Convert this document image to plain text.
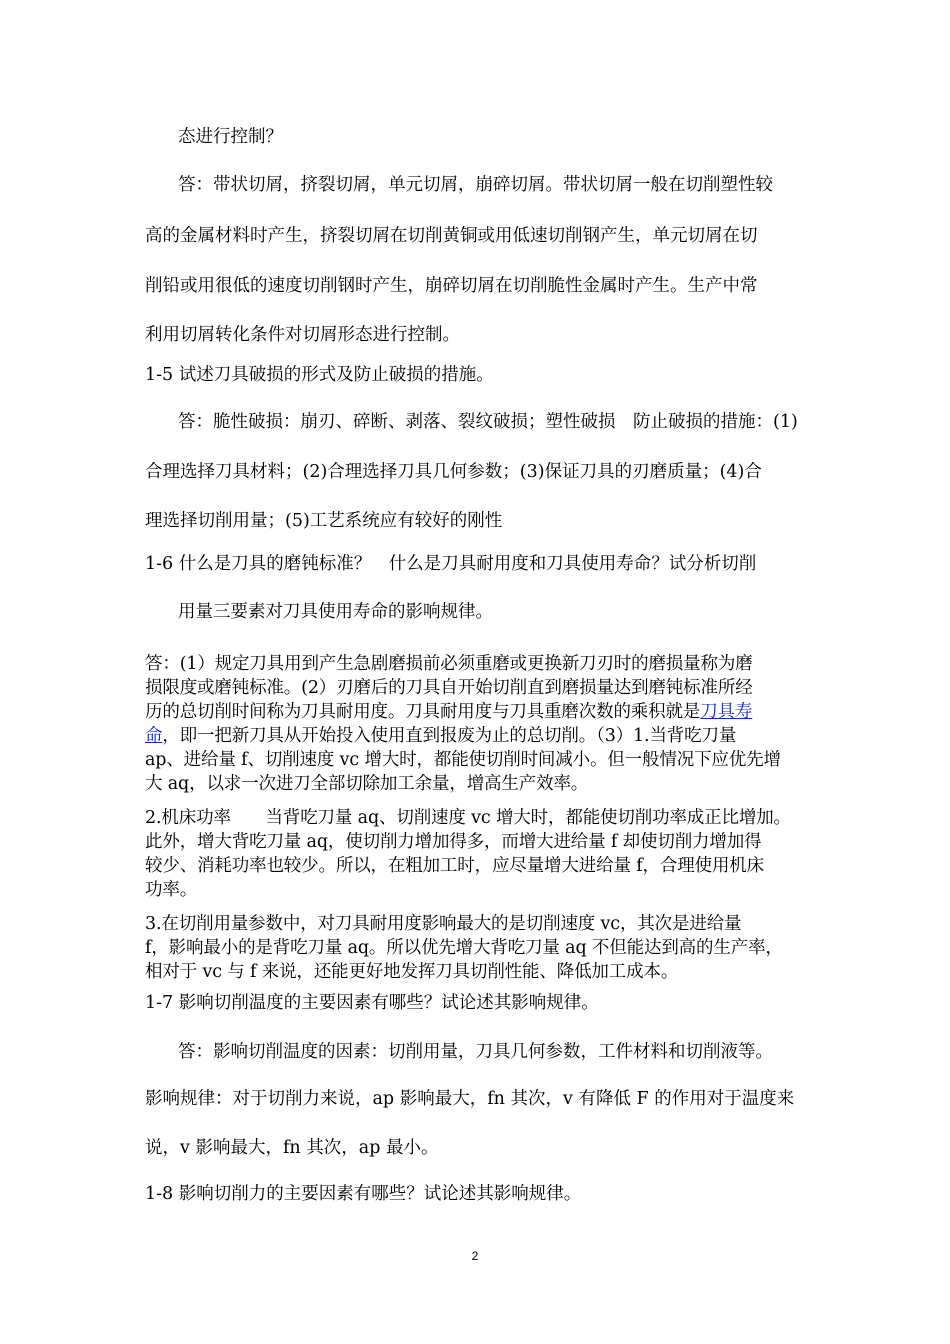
态进行控制？
答：带状切屑，挤裂切屑，单元切屑，崩碎切屑。带状切屑一般在切削塑性较
高的金属材料时产生，挤裂切屑在切削黄铜或用低速切削钢产生，单元切屑在切
削铅或用很低的速度切削钢时产生，崩碎切屑在切削脆性金属时产生。生产中常
利用切屑转化条件对切屑形态进行控制。
1-5 试述刀具破损的形式及防止破损的措施。
答：脆性破损：崩刃、碎断、剥落、裂纹破损；塑性破损　防止破损的措施：(1)
合理选择刀具材料；(2)合理选择刀具几何参数；(3)保证刀具的刃磨质量；(4)合
理选择切削用量；(5)工艺系统应有较好的刚性
1-6 什么是刀具的磨钝标准？　什么是刀具耐用度和刀具使用寿命？试分析切削
用量三要素对刀具使用寿命的影响规律。
答：(1）规定刀具用到产生急剧磨损前必须重磨或更换新刀刃时的磨损量称为磨
损限度或磨钝标准。(2）刃磨后的刀具自开始切削直到磨损量达到磨钝标准所经
历的总切削时间称为刀具耐用度。刀具耐用度与刀具重磨次数的乘积就是刀具寿
命，即一把新刀具从开始投入使用直到报废为止的总切削。（3）1.当背吃刀量
ap、进给量 f、切削速度 vc 增大时，都能使切削时间减小。但一般情况下应优先增
大 aq，以求一次进刀全部切除加工余量，增高生产效率。
2.机床功率　　当背吃刀量 aq、切削速度 vc 增大时，都能使切削功率成正比增加。
此外，增大背吃刀量 aq，使切削力增加得多，而增大进给量 f 却使切削力增加得
较少、消耗功率也较少。所以，在粗加工时，应尽量增大进给量 f，合理使用机床
功率。
3.在切削用量参数中，对刀具耐用度影响最大的是切削速度 vc，其次是进给量
f，影响最小的是背吃刀量 aq。所以优先增大背吃刀量 aq 不但能达到高的生产率，
相对于 vc 与 f 来说，还能更好地发挥刀具切削性能、降低加工成本。
1-7 影响切削温度的主要因素有哪些？试论述其影响规律。
答：影响切削温度的因素：切削用量，刀具几何参数，工件材料和切削液等。
影响规律：对于切削力来说，ap 影响最大，fn 其次，v 有降低 F 的作用对于温度来
说，v 影响最大，fn 其次，ap 最小。
1-8 影响切削力的主要因素有哪些？试论述其影响规律。
2
